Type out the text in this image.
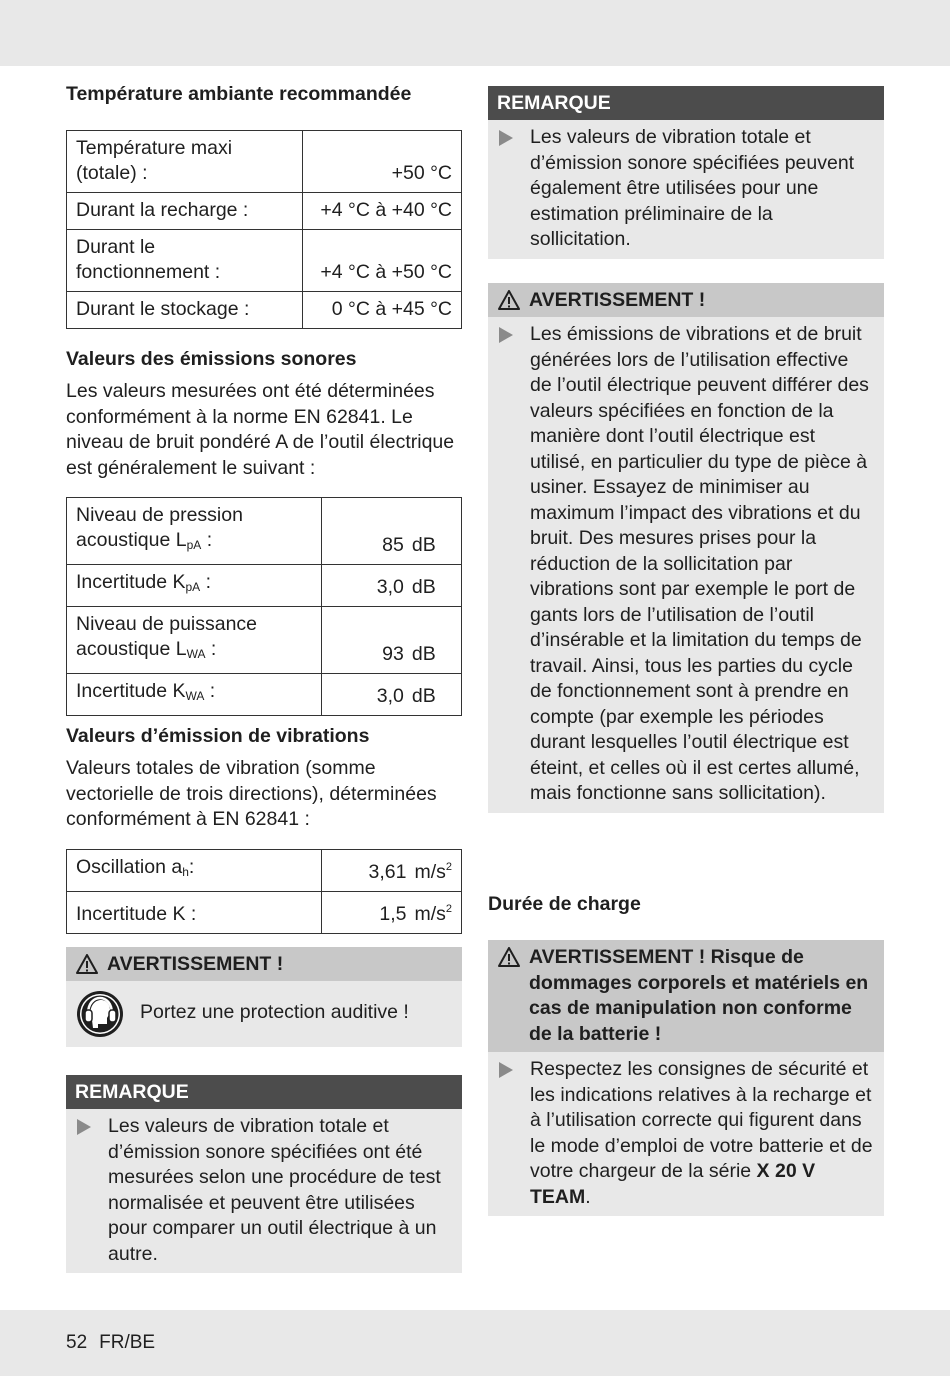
Température ambiante recommandée
Température maxi (totale) :	+50 °C
Durant la recharge :	+4 °C à +40 °C
Durant le fonctionnement :	+4 °C à +50 °C
Durant le stockage :	0 °C à +45 °C
Valeurs des émissions sonores
Les valeurs mesurées ont été déterminées conformément à la norme EN 62841. Le niveau de bruit pondéré A de l’outil électrique est généralement le suivant :
Niveau de pression acoustique $L_{pA}$ :	85 dB
Incertitude $K_{pA}$ :	3,0 dB
Niveau de puissance acoustique $L_{WA}$ :	93 dB
Incertitude $K_{WA}$ :	3,0 dB
Valeurs d’émission de vibrations
Valeurs totales de vibration (somme vectorielle de trois directions), déterminées conformément à EN 62841 :
Oscillation $a_h$:	3,61 $m/s^2$
Incertitude K :	1,5 $m/s^2$
AVERTISSEMENT !
Portez une protection auditive !
REMARQUE
Les valeurs de vibration totale et d’émission sonore spécifiées ont été mesurées selon une procédure de test normalisée et peuvent être utilisées pour comparer un outil électrique à un autre.
REMARQUE
Les valeurs de vibration totale et d’émission sonore spécifiées peuvent également être utilisées pour une estimation préliminaire de la sollicitation.
AVERTISSEMENT !
Les émissions de vibrations et de bruit générées lors de l’utilisation effective de l’outil électrique peuvent différer des valeurs spécifiées en fonction de la manière dont l’outil électrique est utilisé, en particulier du type de pièce à usiner. Essayez de minimiser au maximum l’impact des vibrations et du bruit. Des mesures prises pour la réduction de la sollicitation par vibrations sont par exemple le port de gants lors de l’utilisation de l’outil d’insérable et la limitation du temps de travail. Ainsi, tous les parties du cycle de fonctionnement sont à prendre en compte (par exemple les périodes durant lesquelles l’outil électrique est éteint, et celles où il est certes allumé, mais fonctionne sans sollicitation).
Durée de charge
AVERTISSEMENT ! Risque de dommages corporels et matériels en cas de manipulation non conforme de la batterie !
Respectez les consignes de sécurité et les indications relatives à la recharge et à l’utilisation correcte qui figurent dans le mode d’emploi de votre batterie et de votre chargeur de la série X 20 V TEAM.
52 FR/BE
